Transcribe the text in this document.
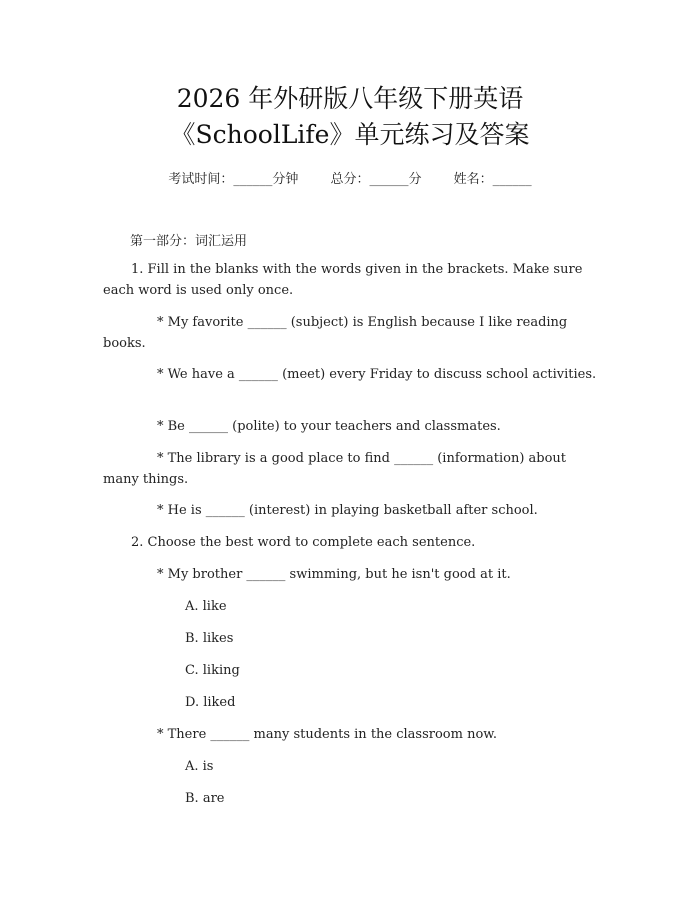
2026 年外研版八年级下册英语
《SchoolLife》单元练习及答案
考试时间：______分钟 总分：______分 姓名：______
第一部分：词汇运用
1. Fill in the blanks with the words given in the brackets. Make sure each word is used only once.
* My favorite ______ (subject) is English because I like reading books.
* We have a ______ (meet) every Friday to discuss school activities.
* Be ______ (polite) to your teachers and classmates.
* The library is a good place to find ______ (information) about many things.
* He is ______ (interest) in playing basketball after school.
2. Choose the best word to complete each sentence.
* My brother ______ swimming, but he isn't good at it.
A. like
B. likes
C. liking
D. liked
* There ______ many students in the classroom now.
A. is
B. are
